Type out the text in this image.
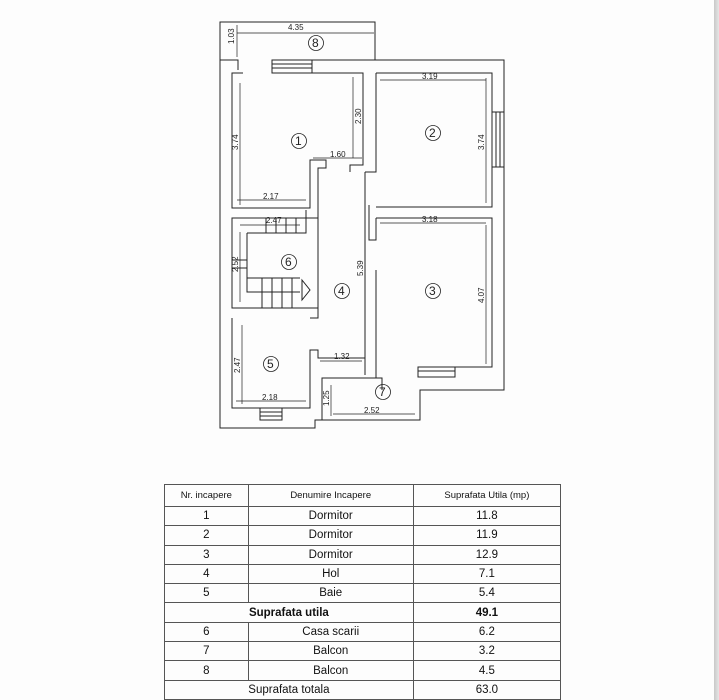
4.35
1.03
3.74
2.30
1.60
2.17
3.19
3.74
2.47
2.52	5.39
3.18
4.07
1.32
2.47
2.18	1.25
2.52
8
1
2
6
4	3
5
7
Nr. incapere	Denumire Incapere	Suprafata Utila (mp)
1	Dormitor	11.8
2	Dormitor	11.9
3	Dormitor	12.9
4	Hol	7.1
5	Baie	5.4
Suprafata utila		49.1
6	Casa scarii	6.2
7	Balcon	3.2
8	Balcon	4.5
Suprafata totala		63.0
